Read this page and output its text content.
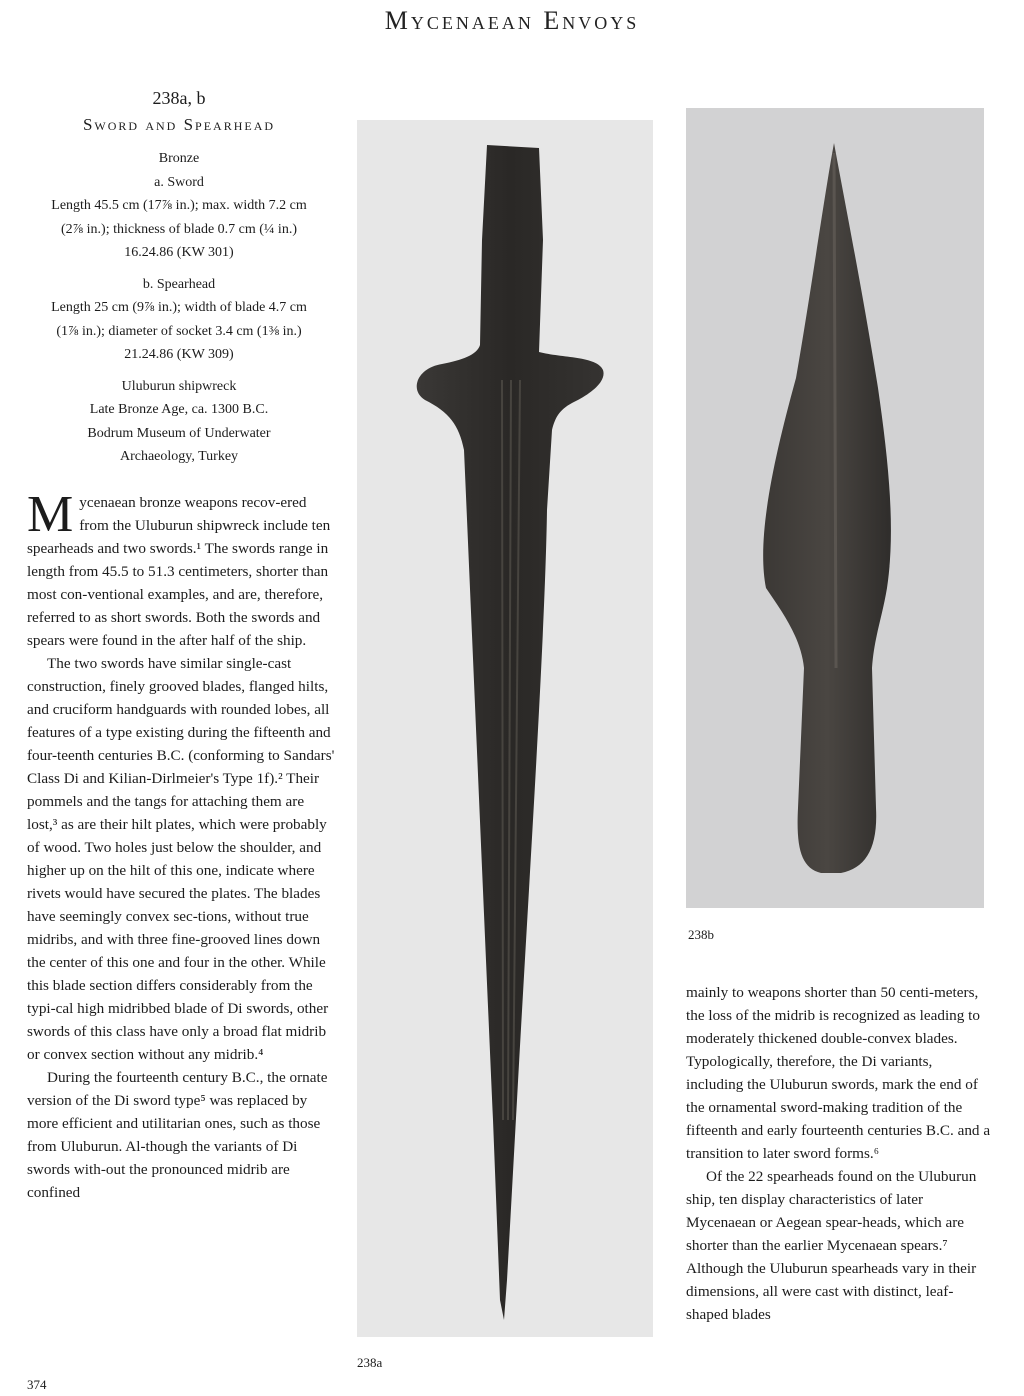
Mycenaean Envoys
238a, b
Sword and Spearhead
Bronze
a. Sword
Length 45.5 cm (17⅞ in.); max. width 7.2 cm
(2⅞ in.); thickness of blade 0.7 cm (¼ in.)
16.24.86 (KW 301)
b. Spearhead
Length 25 cm (9⅞ in.); width of blade 4.7 cm
(1⅞ in.); diameter of socket 3.4 cm (1⅜ in.)
21.24.86 (KW 309)
Uluburun shipwreck
Late Bronze Age, ca. 1300 B.C.
Bodrum Museum of Underwater
Archaeology, Turkey

Mycenaean bronze weapons recov-ered from the Uluburun shipwreck include ten spearheads and two swords.¹ The swords range in length from 45.5 to 51.3 centimeters, shorter than most con-ventional examples, and are, therefore, referred to as short swords. Both the swords and spears were found in the after half of the ship.

The two swords have similar single-cast construction, finely grooved blades, flanged hilts, and cruciform handguards with rounded lobes, all features of a type existing during the fifteenth and four-teenth centuries B.C. (conforming to Sandars' Class Di and Kilian-Dirlmeier's Type 1f).² Their pommels and the tangs for attaching them are lost,³ as are their hilt plates, which were probably of wood. Two holes just below the shoulder, and higher up on the hilt of this one, indicate where rivets would have secured the plates. The blades have seemingly convex sec-tions, without true midribs, and with three fine-grooved lines down the center of this one and four in the other. While this blade section differs considerably from the typi-cal high midribbed blade of Di swords, other swords of this class have only a broad flat midrib or convex section without any midrib.⁴

During the fourteenth century B.C., the ornate version of the Di sword type⁵ was replaced by more efficient and utilitarian ones, such as those from Uluburun. Al-though the variants of Di swords with-out the pronounced midrib are confined

238b

mainly to weapons shorter than 50 centi-meters, the loss of the midrib is recognized as leading to moderately thickened double-convex blades. Typologically, therefore, the Di variants, including the Uluburun swords, mark the end of the ornamental sword-making tradition of the fifteenth and early fourteenth centuries B.C. and a transition to later sword forms.⁶

Of the 22 spearheads found on the Uluburun ship, ten display characteristics of later Mycenaean or Aegean spear-heads, which are shorter than the earlier Mycenaean spears.⁷ Although the Uluburun spearheads vary in their dimensions, all were cast with distinct, leaf-shaped blades

238a
374
